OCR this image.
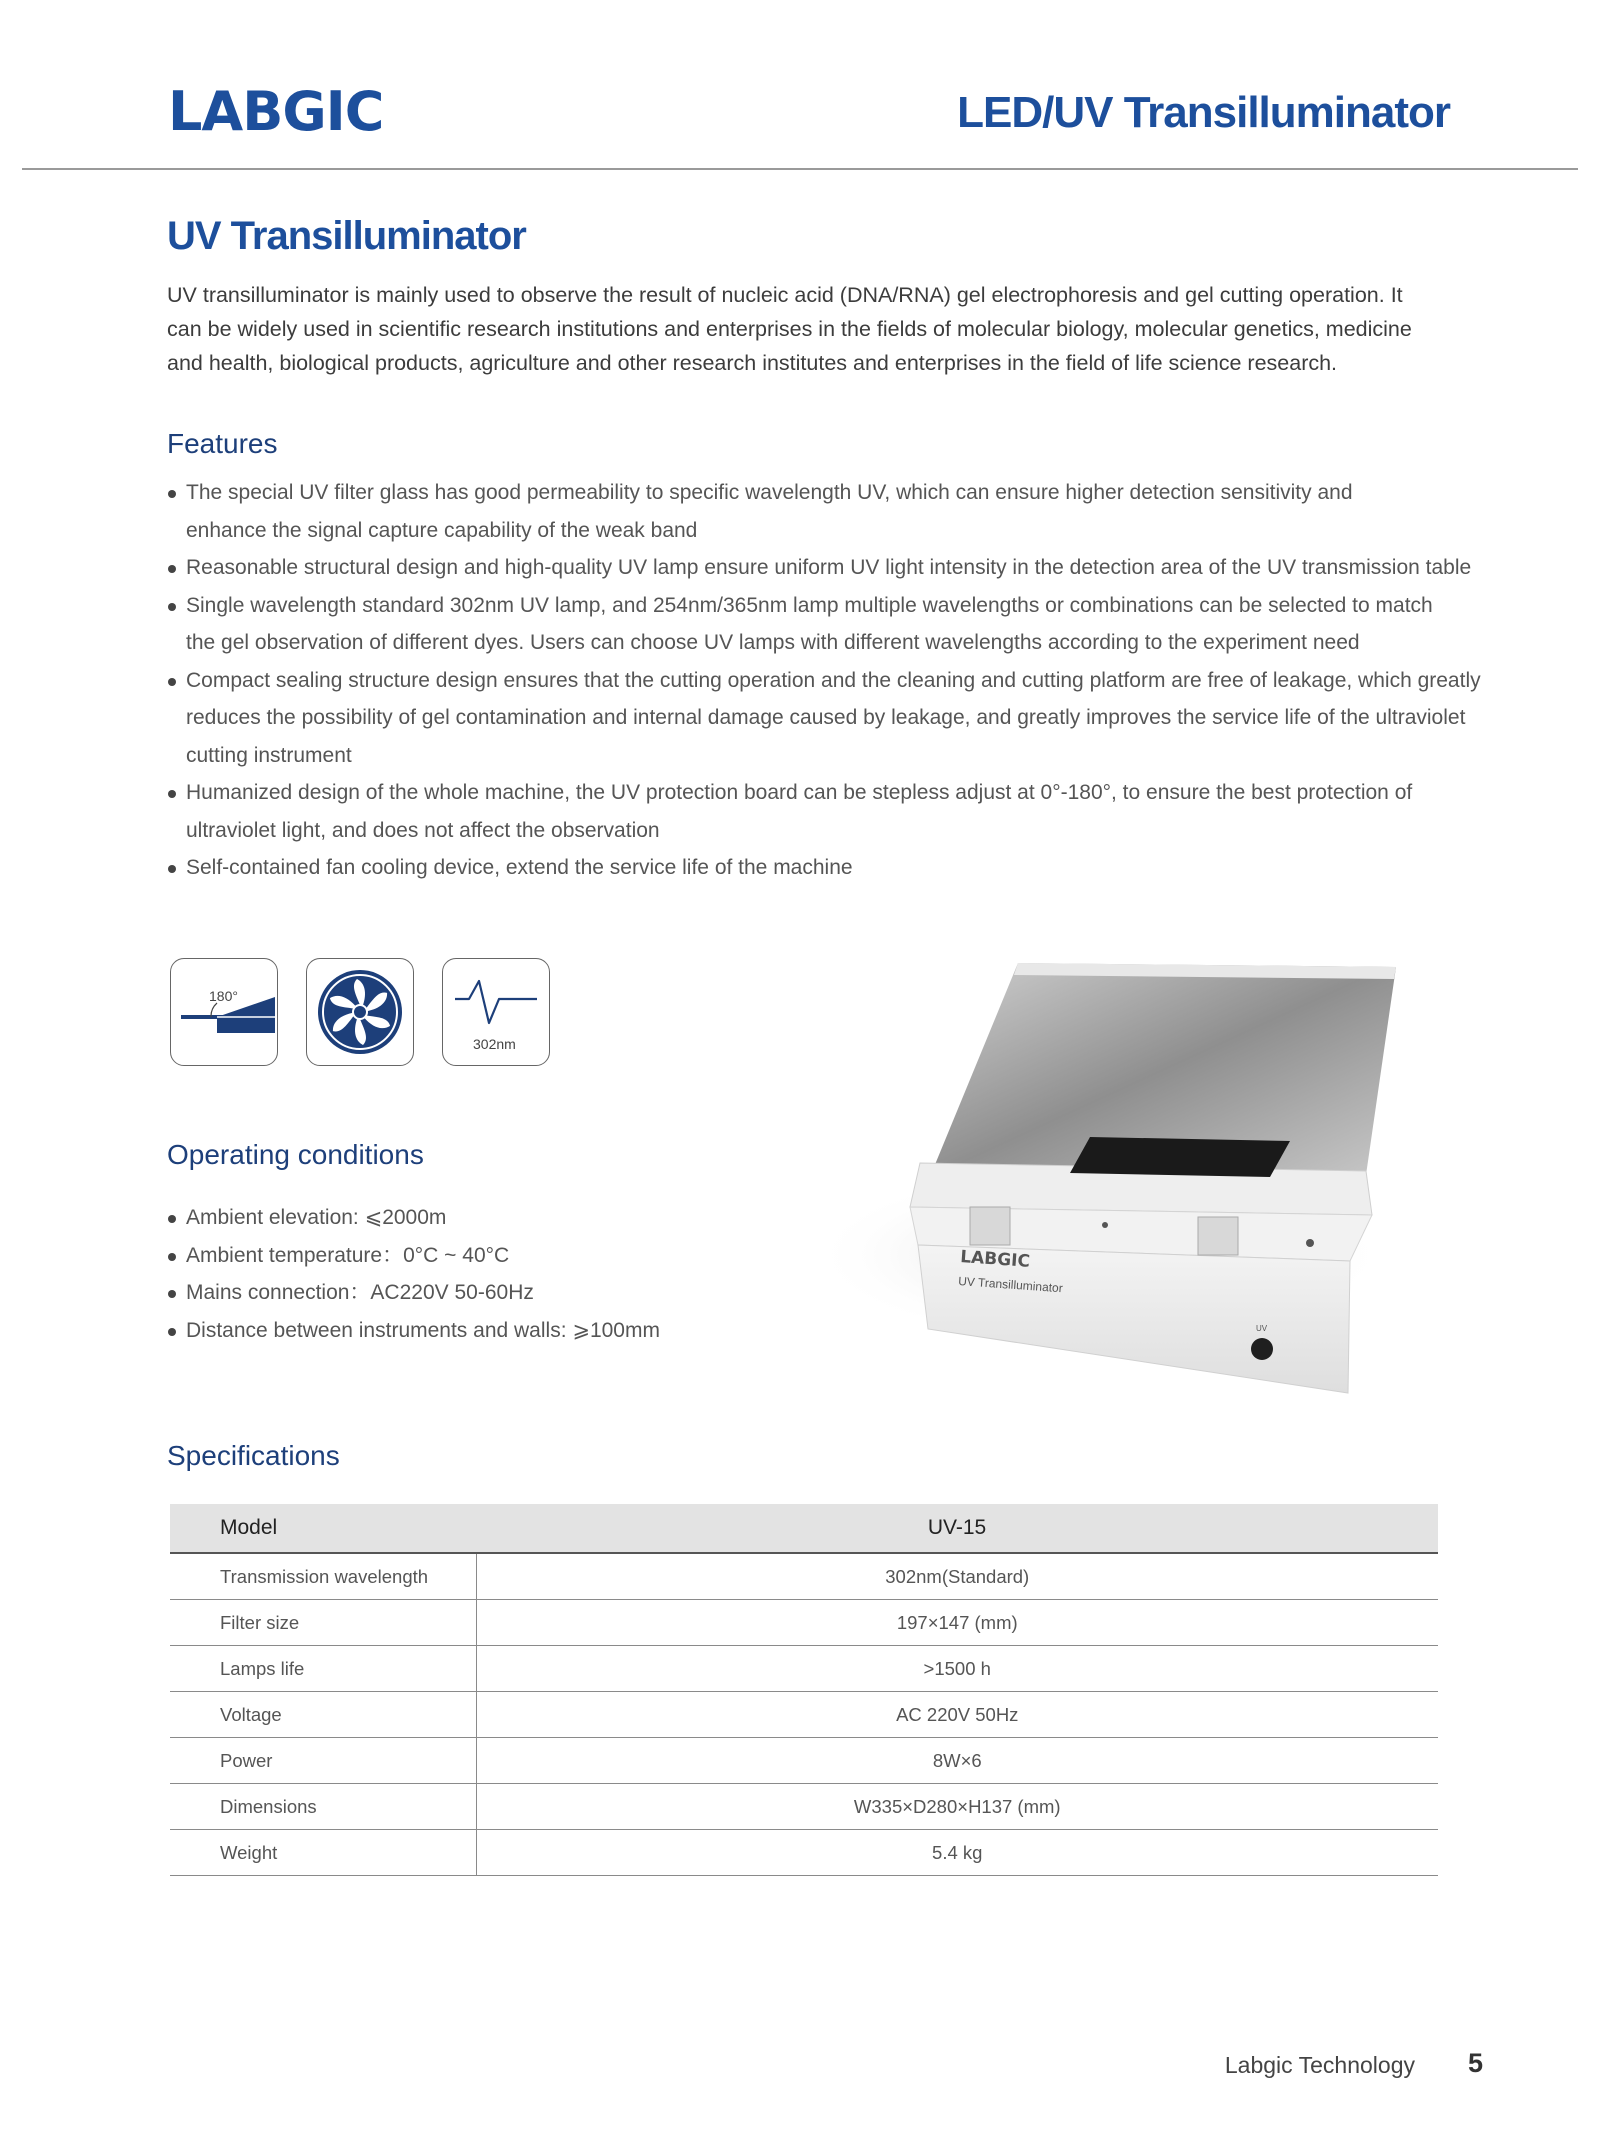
LABGIC	LED/UV Transilluminator
UV Transilluminator
UV transilluminator is mainly used to observe the result of nucleic acid (DNA/RNA) gel electrophoresis and gel cutting operation. It
can be widely used in scientific research institutions and enterprises in the fields of molecular biology, molecular genetics, medicine
and health, biological products, agriculture and other research institutes and enterprises in the field of life science research.
Features
The special UV filter glass has good permeability to specific wavelength UV, which can ensure higher detection sensitivity and enhance the signal capture capability of the weak band
Reasonable structural design and high-quality UV lamp ensure uniform UV light intensity in the detection area of the UV transmission table
Single wavelength standard 302nm UV lamp, and 254nm/365nm lamp multiple wavelengths or combinations can be selected to match the gel observation of different dyes. Users can choose UV lamps with different wavelengths according to the experiment need
Compact sealing structure design ensures that the cutting operation and the cleaning and cutting platform are free of leakage, which greatly reduces the possibility of gel contamination and internal damage caused by leakage, and greatly improves the service life of the ultraviolet cutting instrument
Humanized design of the whole machine, the UV protection board can be stepless adjust at 0°-180°, to ensure the best protection of ultraviolet light, and does not affect the observation
Self-contained fan cooling device, extend the service life of the machine
180°
302nm
LABGIC
UV Transilluminator
UV
Operating conditions
Ambient elevation: ⩽2000m
Ambient temperature：0°C ~ 40°C
Mains connection：AC220V 50-60Hz
Distance between instruments and walls: ⩾100mm
Specifications
Model	UV-15
Transmission wavelength	302nm(Standard)
Filter size	197×147 (mm)
Lamps life	>1500 h
Voltage	AC 220V 50Hz
Power	8W×6
Dimensions	W335×D280×H137 (mm)
Weight	5.4 kg
Labgic Technology 5
